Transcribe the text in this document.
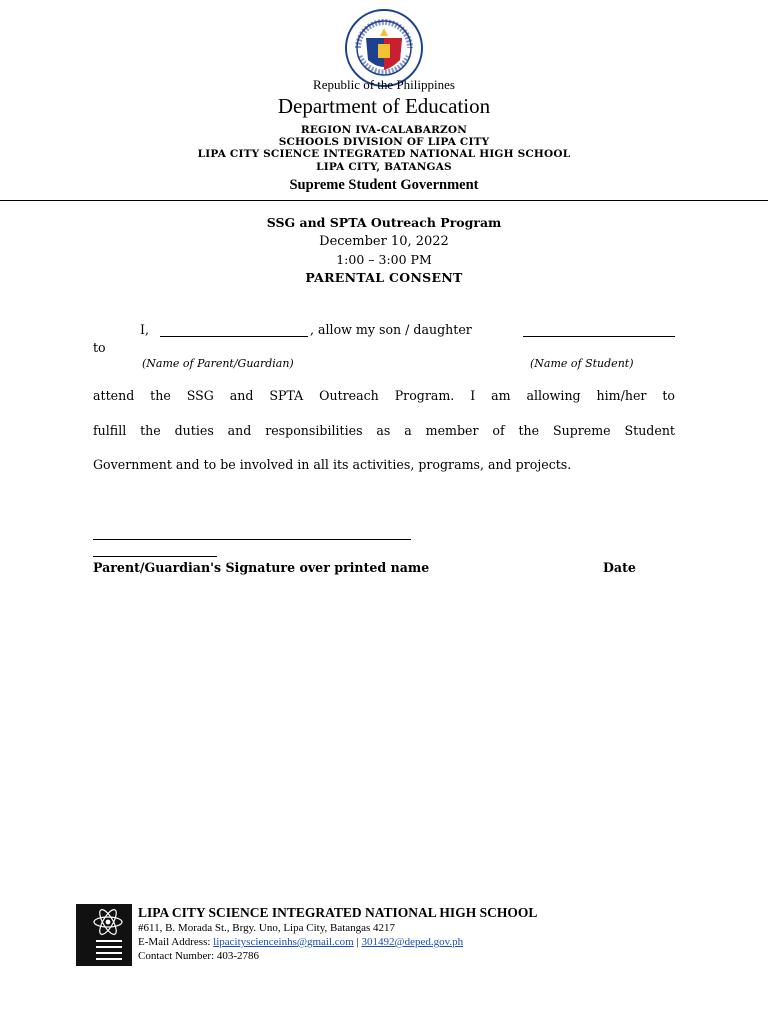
Republic of the Philippines
Department of Education
REGION IVA-CALABARZON
SCHOOLS DIVISION OF LIPA CITY
LIPA CITY SCIENCE INTEGRATED NATIONAL HIGH SCHOOL
LIPA CITY, BATANGAS
Supreme Student Government
SSG and SPTA Outreach Program
December 10, 2022
1:00 – 3:00 PM
PARENTAL CONSENT
I,	, allow my son / daughter
to
(Name of Parent/Guardian)	(Name of Student)
attend the SSG and SPTA Outreach Program. I am allowing him/her to
fulfill the duties and responsibilities as a member of the Supreme Student
Government and to be involved in all its activities, programs, and projects.
Parent/Guardian's Signature over printed name	Date
LIPA CITY SCIENCE INTEGRATED NATIONAL HIGH SCHOOL
#611, B. Morada St., Brgy. Uno, Lipa City, Batangas 4217
E-Mail Address: lipacityscienceinhs@gmail.com | 301492@deped.gov.ph
Contact Number: 403-2786
